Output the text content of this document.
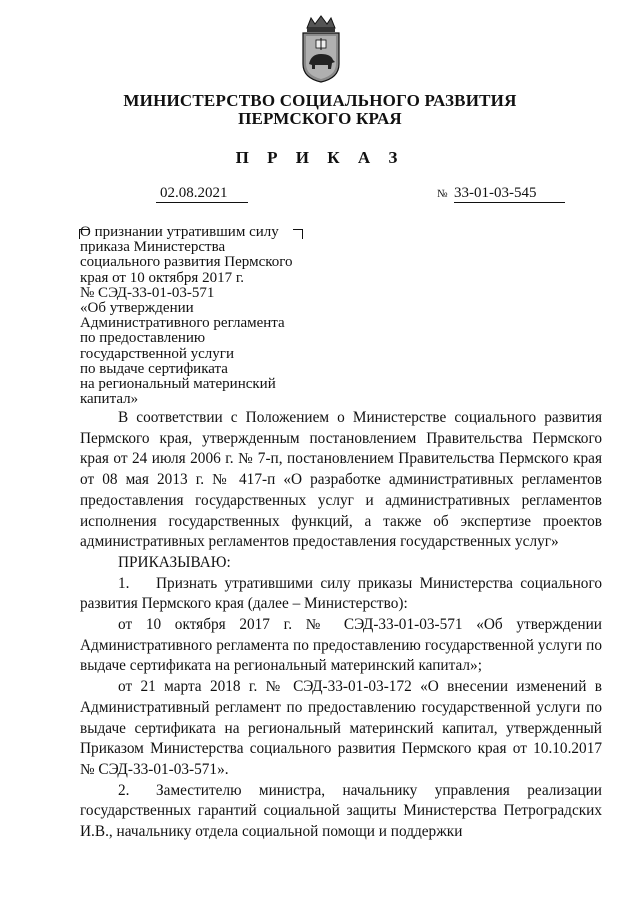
МИНИСТЕРСТВО СОЦИАЛЬНОГО РАЗВИТИЯ
ПЕРМСКОГО КРАЯ
П Р И К А З
02.08.2021	№ 33-01-03-545
О признании утратившим силу
приказа Министерства
социального развития Пермского
края от 10 октября 2017 г.
№ СЭД-33-01-03-571
«Об утверждении
Административного регламента
по предоставлению
государственной услуги
по выдаче сертификата
на региональный материнский
капитал»
В соответствии с Положением о Министерстве социального развития Пермского края, утвержденным постановлением Правительства Пермского края от 24 июля 2006 г. № 7-п, постановлением Правительства Пермского края от 08 мая 2013 г. № 417-п «О разработке административных регламентов предоставления государственных услуг и административных регламентов исполнения государственных функций, а также об экспертизе проектов административных регламентов предоставления государственных услуг»
ПРИКАЗЫВАЮ:
1. Признать утратившими силу приказы Министерства социального развития Пермского края (далее – Министерство):
от 10 октября 2017 г. № СЭД-33-01-03-571 «Об утверждении Административного регламента по предоставлению государственной услуги по выдаче сертификата на региональный материнский капитал»;
от 21 марта 2018 г. № СЭД-33-01-03-172 «О внесении изменений в Административный регламент по предоставлению государственной услуги по выдаче сертификата на региональный материнский капитал, утвержденный Приказом Министерства социального развития Пермского края от 10.10.2017 № СЭД-33-01-03-571».
2. Заместителю министра, начальнику управления реализации государственных гарантий социальной защиты Министерства Петроградских И.В., начальнику отдела социальной помощи и поддержки
